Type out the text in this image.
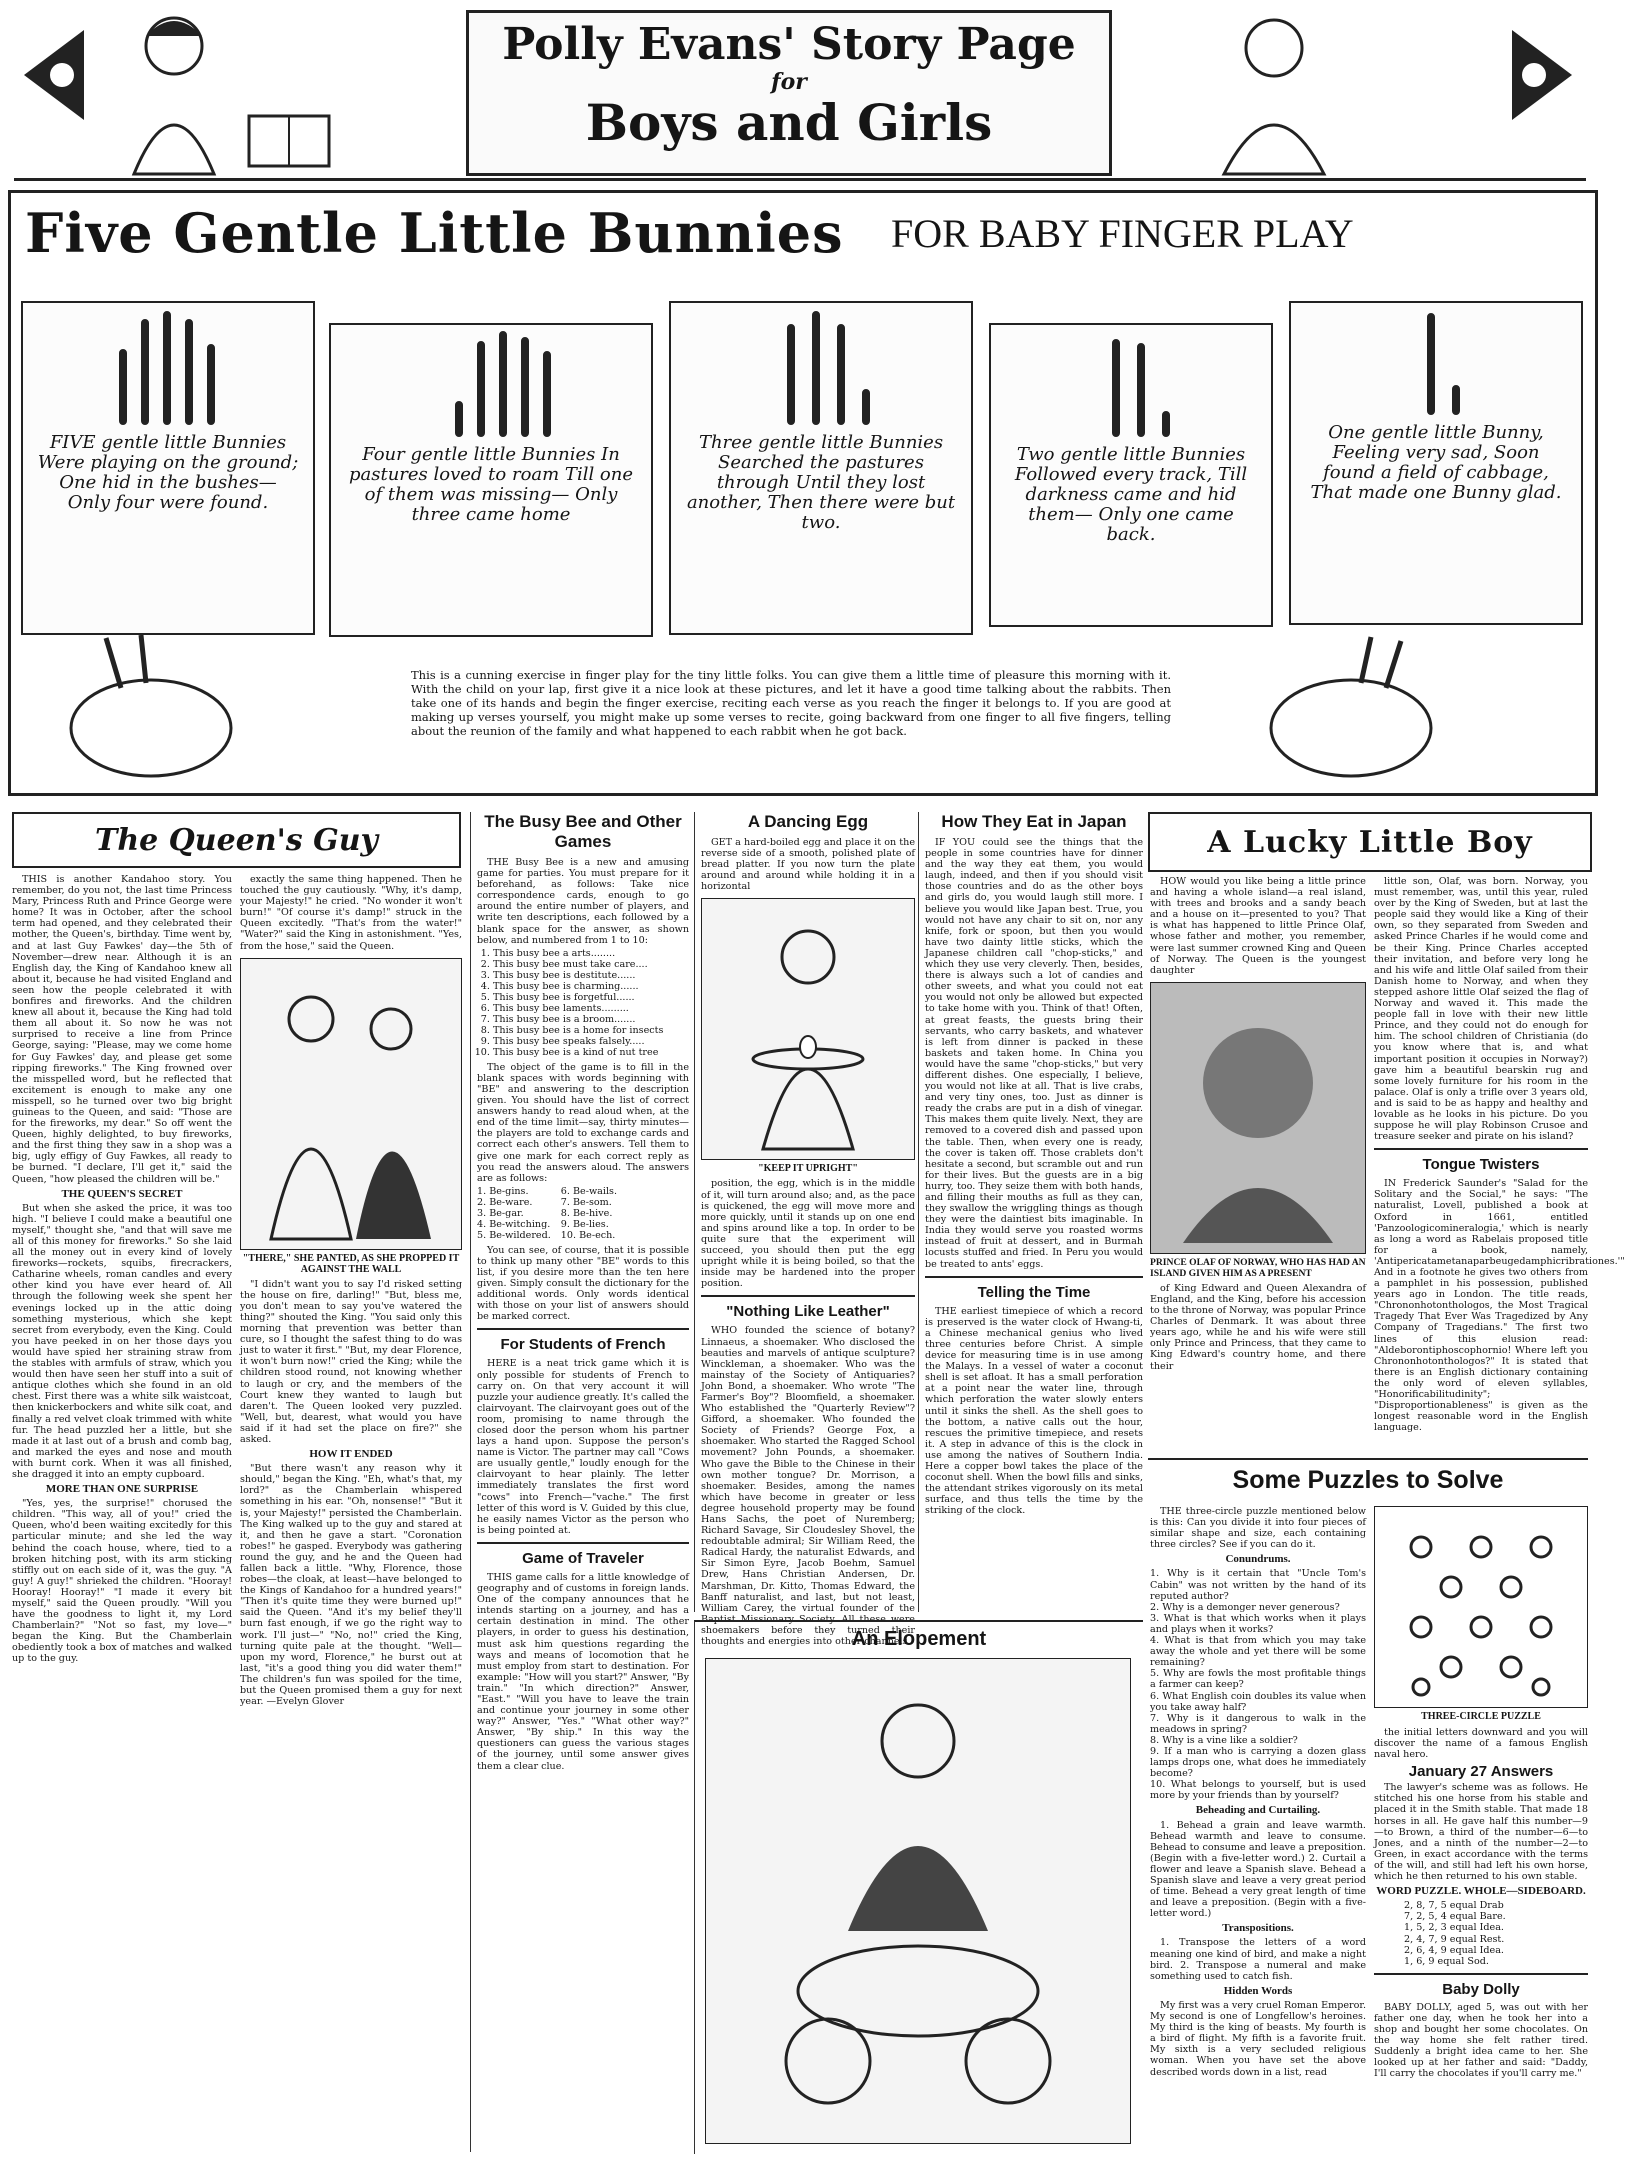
Polly Evans' Story Page
for
Boys and Girls
Five Gentle Little Bunnies FOR BABY FINGER PLAY
FIVE gentle little Bunnies Were playing on the ground; One hid in the bushes— Only four were found.
Four gentle little Bunnies In pastures loved to roam Till one of them was missing— Only three came home
Three gentle little Bunnies Searched the pastures through Until they lost another, Then there were but two.
Two gentle little Bunnies Followed every track, Till darkness came and hid them— Only one came back.
One gentle little Bunny, Feeling very sad, Soon found a field of cabbage, That made one Bunny glad.
This is a cunning exercise in finger play for the tiny little folks. You can give them a little time of pleasure this morning with it. With the child on your lap, first give it a nice look at these pictures, and let it have a good time talking about the rabbits. Then take one of its hands and begin the finger exercise, reciting each verse as you reach the finger it belongs to. If you are good at making up verses yourself, you might make up some verses to recite, going backward from one finger to all five fingers, telling about the reunion of the family and what happened to each rabbit when he got back.
The Queen's Guy

THIS is another Kandahoo story. You remember, do you not, the last time Princess Mary, Princess Ruth and Prince George were home? It was in October, after the school term had opened, and they celebrated their mother, the Queen's, birthday. Time went by, and at last Guy Fawkes' day—the 5th of November—drew near. Although it is an English day, the King of Kandahoo knew all about it, because he had visited England and seen how the people celebrated it with bonfires and fireworks. And the children knew all about it, because the King had told them all about it. So now he was not surprised to receive a line from Prince George, saying: "Please, may we come home for Guy Fawkes' day, and please get some ripping fireworks." The King frowned over the misspelled word, but he reflected that excitement is enough to make any one misspell, so he turned over two big bright guineas to the Queen, and said: "Those are for the fireworks, my dear." So off went the Queen, highly delighted, to buy fireworks, and the first thing they saw in a shop was a big, ugly effigy of Guy Fawkes, all ready to be burned. "I declare, I'll get it," said the Queen, "how pleased the children will be."

THE QUEEN'S SECRET

But when she asked the price, it was too high. "I believe I could make a beautiful one myself," thought she, "and that will save me all of this money for fireworks." So she laid all the money out in every kind of lovely fireworks—rockets, squibs, firecrackers, Catharine wheels, roman candles and every other kind you have ever heard of. All through the following week she spent her evenings locked up in the attic doing something mysterious, which she kept secret from everybody, even the King. Could you have peeked in on her those days you would have spied her straining straw from the stables with armfuls of straw, which you would then have seen her stuff into a suit of antique clothes which she found in an old chest. First there was a white silk waistcoat, then knickerbockers and white silk coat, and finally a red velvet cloak trimmed with white fur. The head puzzled her a little, but she made it at last out of a brush and comb bag, and marked the eyes and nose and mouth with burnt cork. When it was all finished, she dragged it into an empty cupboard.

MORE THAN ONE SURPRISE

"Yes, yes, the surprise!" chorused the children. "This way, all of you!" cried the Queen, who'd been waiting excitedly for this particular minute; and she led the way behind the coach house, where, tied to a broken hitching post, with its arm sticking stiffly out on each side of it, was the guy. "A guy! A guy!" shrieked the children. "Hooray! Hooray! Hooray!" "I made it every bit myself," said the Queen proudly. "Will you have the goodness to light it, my Lord Chamberlain?" "Not so fast, my love—" began the King. But the Chamberlain obediently took a box of matches and walked up to the guy.

exactly the same thing happened. Then he touched the guy cautiously. "Why, it's damp, your Majesty!" he cried. "No wonder it won't burn!" "Of course it's damp!" struck in the Queen excitedly. "That's from the water!" "Water?" said the King in astonishment. "Yes, from the hose," said the Queen.

"THERE," SHE PANTED, AS SHE PROPPED IT AGAINST THE WALL

"I didn't want you to say I'd risked setting the house on fire, darling!" "But, bless me, you don't mean to say you've watered the thing?" shouted the King. "You said only this morning that prevention was better than cure, so I thought the safest thing to do was just to water it first." "But, my dear Florence, it won't burn now!" cried the King; while the children stood round, not knowing whether to laugh or cry, and the members of the Court knew they wanted to laugh but daren't. The Queen looked very puzzled. "Well, but, dearest, what would you have said if it had set the place on fire?" she asked.

HOW IT ENDED

"But there wasn't any reason why it should," began the King. "Eh, what's that, my lord?" as the Chamberlain whispered something in his ear. "Oh, nonsense!" "But it is, your Majesty!" persisted the Chamberlain. The King walked up to the guy and stared at it, and then he gave a start. "Coronation robes!" he gasped. Everybody was gathering round the guy, and he and the Queen had fallen back a little. "Why, Florence, those robes—the cloak, at least—have belonged to the Kings of Kandahoo for a hundred years!" "Then it's quite time they were burned up!" said the Queen. "And it's my belief they'll burn fast enough, if we go the right way to work. I'll just—" "No, no!" cried the King, turning quite pale at the thought. "Well—upon my word, Florence," he burst out at last, "it's a good thing you did water them!" The children's fun was spoiled for the time, but the Queen promised them a guy for next year. —Evelyn Glover

The Busy Bee and Other Games

THE Busy Bee is a new and amusing game for parties. You must prepare for it beforehand, as follows: Take nice correspondence cards, enough to go around the entire number of players, and write ten descriptions, each followed by a blank space for the answer, as shown below, and numbered from 1 to 10:

1. This busy bee a arts........
2. This busy bee must take care....
3. This busy bee is destitute......
4. This busy bee is charming......
5. This busy bee is forgetful......
6. This busy bee laments.........
7. This busy bee is a broom.......
8. This busy bee is a home for insects
9. This busy bee speaks falsely.....
10. This busy bee is a kind of nut tree

The object of the game is to fill in the blank spaces with words beginning with "BE" and answering to the description given. You should have the list of correct answers handy to read aloud when, at the end of the time limit—say, thirty minutes—the players are told to exchange cards and correct each other's answers. Tell them to give one mark for each correct reply as you read the answers aloud. The answers are as follows:

1. Be-gins.
2. Be-ware.
3. Be-gar.
4. Be-witching.
5. Be-wildered.
6. Be-wails.
7. Be-som.
8. Be-hive.
9. Be-lies.
10. Be-ech.

You can see, of course, that it is possible to think up many other "BE" words to this list, if you desire more than the ten here given. Simply consult the dictionary for the additional words. Only words identical with those on your list of answers should be marked correct.

For Students of French

HERE is a neat trick game which it is only possible for students of French to carry on. On that very account it will puzzle your audience greatly. It's called the clairvoyant. The clairvoyant goes out of the room, promising to name through the closed door the person whom his partner lays a hand upon. Suppose the person's name is Victor. The partner may call "Cows are usually gentle," loudly enough for the clairvoyant to hear plainly. The letter immediately translates the first word "cows" into French—"vache." The first letter of this word is V. Guided by this clue, he easily names Victor as the person who is being pointed at.

Game of Traveler

THIS game calls for a little knowledge of geography and of customs in foreign lands. One of the company announces that he intends starting on a journey, and has a certain destination in mind. The other players, in order to guess his destination, must ask him questions regarding the ways and means of locomotion that he must employ from start to destination. For example: "How will you start?" Answer, "By train." "In which direction?" Answer, "East." "Will you have to leave the train and continue your journey in some other way?" Answer, "Yes." "What other way?" Answer, "By ship." In this way the questioners can guess the various stages of the journey, until some answer gives them a clear clue.

A Dancing Egg

GET a hard-boiled egg and place it on the reverse side of a smooth, polished plate of bread platter. If you now turn the plate around and around while holding it in a horizontal

"KEEP IT UPRIGHT"

position, the egg, which is in the middle of it, will turn around also; and, as the pace is quickened, the egg will move more and more quickly, until it stands up on one end and spins around like a top. In order to be quite sure that the experiment will succeed, you should then put the egg upright while it is being boiled, so that the inside may be hardened into the proper position.

"Nothing Like Leather"

WHO founded the science of botany? Linnaeus, a shoemaker. Who disclosed the beauties and marvels of antique sculpture? Winckleman, a shoemaker. Who was the mainstay of the Society of Antiquaries? John Bond, a shoemaker. Who wrote "The Farmer's Boy"? Bloomfield, a shoemaker. Who established the "Quarterly Review"? Gifford, a shoemaker. Who founded the Society of Friends? George Fox, a shoemaker. Who started the Ragged School movement? John Pounds, a shoemaker. Who gave the Bible to the Chinese in their own mother tongue? Dr. Morrison, a shoemaker. Besides, among the names which have become in greater or less degree household property may be found Hans Sachs, the poet of Nuremberg; Richard Savage, Sir Cloudesley Shovel, the redoubtable admiral; Sir William Reed, the Radical Hardy, the naturalist Edwards, and Sir Simon Eyre, Jacob Boehm, Samuel Drew, Hans Christian Andersen, Dr. Marshman, Dr. Kitto, Thomas Edward, the Banff naturalist, and last, but not least, William Carey, the virtual founder of the Baptist Missionary Society. All these were shoemakers before they turned their thoughts and energies into other channels.

How They Eat in Japan

IF YOU could see the things that the people in some countries have for dinner and the way they eat them, you would laugh, indeed, and then if you should visit those countries and do as the other boys and girls do, you would laugh still more. I believe you would like Japan best. True, you would not have any chair to sit on, nor any knife, fork or spoon, but then you would have two dainty little sticks, which the Japanese children call "chop-sticks," and which they use very cleverly. Then, besides, there is always such a lot of candies and other sweets, and what you could not eat you would not only be allowed but expected to take home with you. Think of that! Often, at great feasts, the guests bring their servants, who carry baskets, and whatever is left from dinner is packed in these baskets and taken home. In China you would have the same "chop-sticks," but very different dishes. One especially, I believe, you would not like at all. That is live crabs, and very tiny ones, too. Just as dinner is ready the crabs are put in a dish of vinegar. This makes them quite lively. Next, they are removed to a covered dish and passed upon the table. Then, when every one is ready, the cover is taken off. Those crablets don't hesitate a second, but scramble out and run for their lives. But the guests are in a big hurry, too. They seize them with both hands, and filling their mouths as full as they can, they swallow the wriggling things as though they were the daintiest bits imaginable. In India they would serve you roasted worms instead of fruit at dessert, and in Burmah locusts stuffed and fried. In Peru you would be treated to ants' eggs.

Telling the Time

THE earliest timepiece of which a record is preserved is the water clock of Hwang-ti, a Chinese mechanical genius who lived three centuries before Christ. A simple device for measuring time is in use among the Malays. In a vessel of water a coconut shell is set afloat. It has a small perforation at a point near the water line, through which perforation the water slowly enters until it sinks the shell. As the shell goes to the bottom, a native calls out the hour, rescues the primitive timepiece, and resets it. A step in advance of this is the clock in use among the natives of Southern India. Here a copper bowl takes the place of the coconut shell. When the bowl fills and sinks, the attendant strikes vigorously on its metal surface, and thus tells the time by the striking of the clock.

An Elopement
A Lucky Little Boy

HOW would you like being a little prince and having a whole island—a real island, with trees and brooks and a sandy beach and a house on it—presented to you? That is what has happened to little Prince Olaf, whose father and mother, you remember, were last summer crowned King and Queen of Norway. The Queen is the youngest daughter

PRINCE OLAF OF NORWAY, WHO HAS HAD AN ISLAND GIVEN HIM AS A PRESENT

of King Edward and Queen Alexandra of England, and the King, before his accession to the throne of Norway, was popular Prince Charles of Denmark. It was about three years ago, while he and his wife were still only Prince and Princess, that they came to King Edward's country home, and there their

little son, Olaf, was born. Norway, you must remember, was, until this year, ruled over by the King of Sweden, but at last the people said they would like a King of their own, so they separated from Sweden and asked Prince Charles if he would come and be their King. Prince Charles accepted their invitation, and before very long he and his wife and little Olaf sailed from their Danish home to Norway, and when they stepped ashore little Olaf seized the flag of Norway and waved it. This made the people fall in love with their new little Prince, and they could not do enough for him. The school children of Christiania (do you know where that is, and what important position it occupies in Norway?) gave him a beautiful bearskin rug and some lovely furniture for his room in the palace. Olaf is only a trifle over 3 years old, and is said to be as happy and healthy and lovable as he looks in his picture. Do you suppose he will play Robinson Crusoe and treasure seeker and pirate on his island?

Tongue Twisters

IN Frederick Saunder's "Salad for the Solitary and the Social," he says: "The naturalist, Lovell, published a book at Oxford in 1661, entitled 'Panzoologicomineralogia,' which is nearly as long a word as Rabelais proposed title for a book, namely, 'Antipericatametanaparbeugedamphicribrationes.'" And in a footnote he gives two others from a pamphlet in his possession, published years ago in London. The title reads, "Chrononhotonthologos, the Most Tragical Tragedy That Ever Was Tragedized by Any Company of Tragedians." The first two lines of this elusion read: "Aldeborontiphoscophornio! Where left you Chrononhotonthologos?" It is stated that there is an English dictionary containing the only word of eleven syllables, "Honorificabilitudinity"; "Disproportionableness" is given as the longest reasonable word in the English language.

Some Puzzles to Solve

THE three-circle puzzle mentioned below is this: Can you divide it into four pieces of similar shape and size, each containing three circles? See if you can do it.

Conundrums.
1. Why is it certain that "Uncle Tom's Cabin" was not written by the hand of its reputed author?
2. Why is a demonger never generous?
3. What is that which works when it plays and plays when it works?
4. What is that from which you may take away the whole and yet there will be some remaining?
5. Why are fowls the most profitable things a farmer can keep?
6. What English coin doubles its value when you take away half?
7. Why is it dangerous to walk in the meadows in spring?
8. Why is a vine like a soldier?
9. If a man who is carrying a dozen glass lamps drops one, what does he immediately become?
10. What belongs to yourself, but is used more by your friends than by yourself?
Beheading and Curtailing.

1. Behead a grain and leave warmth. Behead warmth and leave to consume. Behead to consume and leave a preposition. (Begin with a five-letter word.) 2. Curtail a flower and leave a Spanish slave. Behead a Spanish slave and leave a very great period of time. Behead a very great length of time and leave a preposition. (Begin with a five-letter word.)

Transpositions.

1. Transpose the letters of a word meaning one kind of bird, and make a night bird. 2. Transpose a numeral and make something used to catch fish.

Hidden Words

My first was a very cruel Roman Emperor. My second is one of Longfellow's heroines. My third is the king of beasts. My fourth is a bird of flight. My fifth is a favorite fruit. My sixth is a very secluded religious woman. When you have set the above described words down in a list, read

THREE-CIRCLE PUZZLE

the initial letters downward and you will discover the name of a famous English naval hero.

January 27 Answers

The lawyer's scheme was as follows. He stitched his one horse from his stable and placed it in the Smith stable. That made 18 horses in all. He gave half this number—9—to Brown, a third of the number—6—to Jones, and a ninth of the number—2—to Green, in exact accordance with the terms of the will, and still had left his own horse, which he then returned to his own stable.

WORD PUZZLE. WHOLE—SIDEBOARD.
2, 8, 7, 5 equal Drab
7, 2, 5, 4 equal Bare.
1, 5, 2, 3 equal Idea.
2, 4, 7, 9 equal Rest.
2, 6, 4, 9 equal Idea.
1, 6, 9 equal Sod.
Baby Dolly

BABY DOLLY, aged 5, was out with her father one day, when he took her into a shop and bought her some chocolates. On the way home she felt rather tired. Suddenly a bright idea came to her. She looked up at her father and said: "Daddy, I'll carry the chocolates if you'll carry me."
